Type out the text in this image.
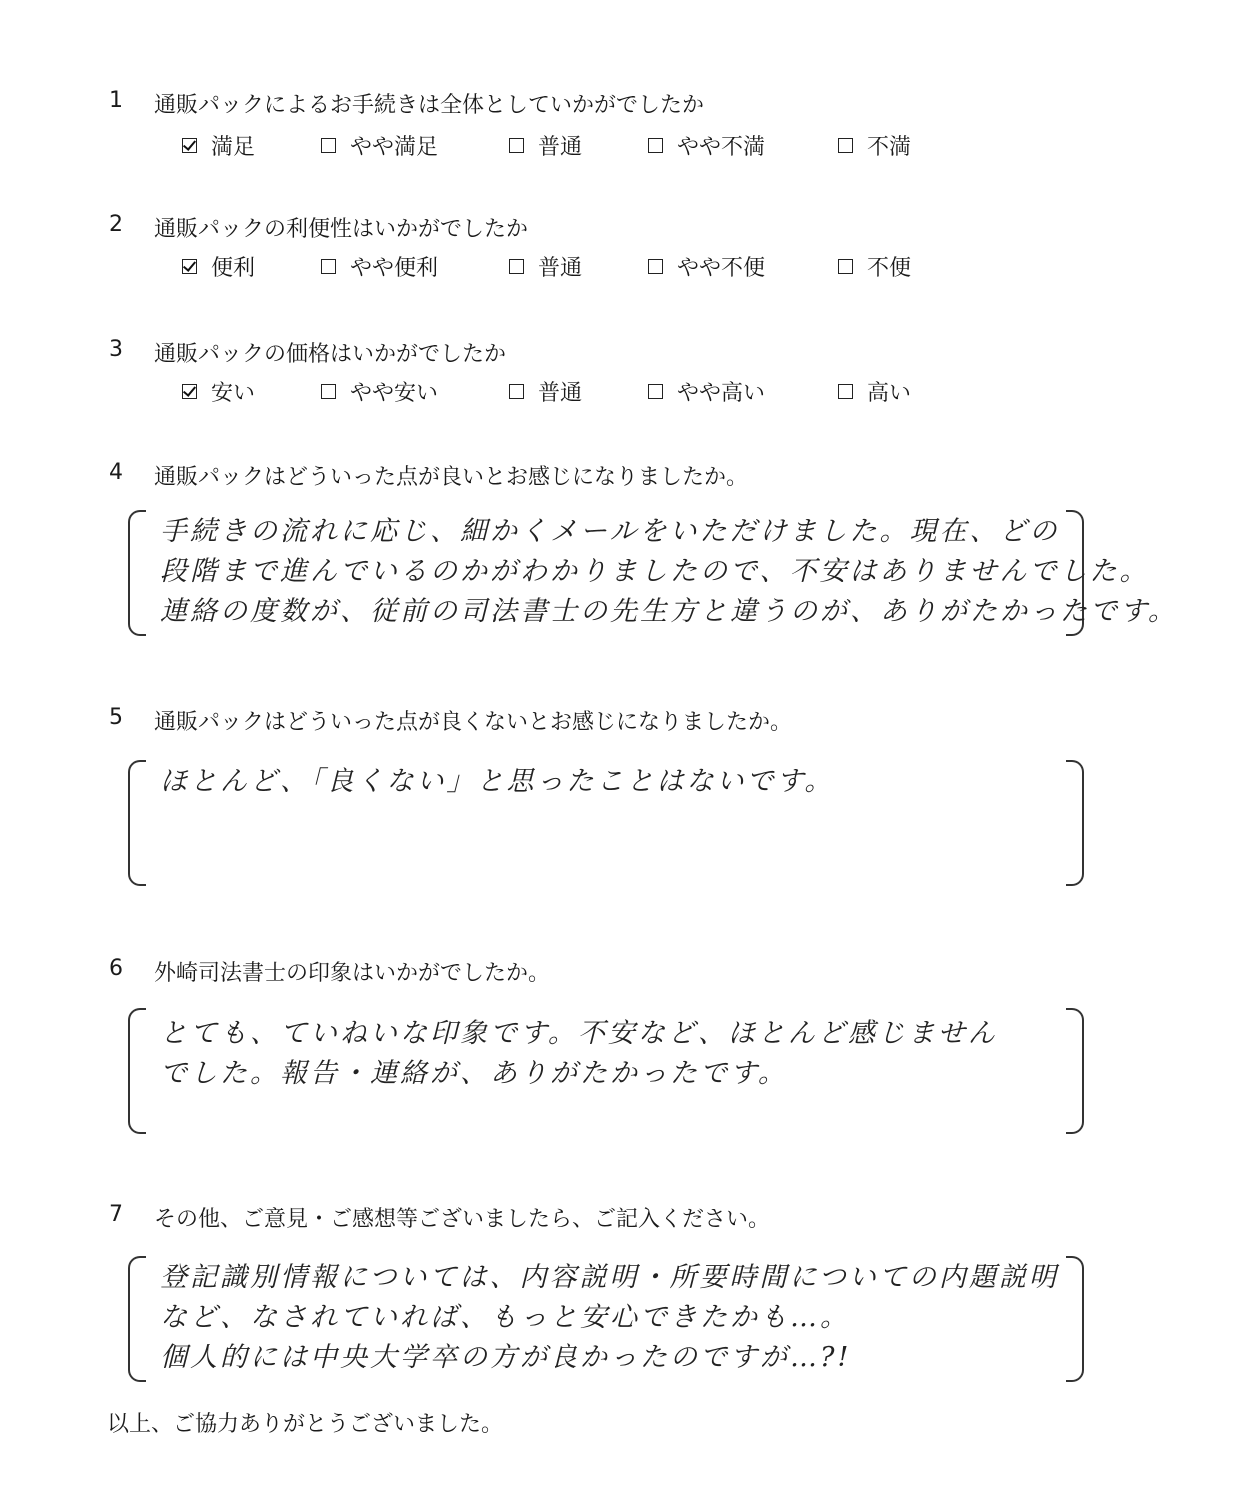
1 通販パックによるお手続きは全体としていかがでしたか
満足	やや満足	普通	やや不満	不満
2 通販パックの利便性はいかがでしたか
便利	やや便利	普通	やや不便	不便
3 通販パックの価格はいかがでしたか
安い	やや安い	普通	やや高い	高い
4 通販パックはどういった点が良いとお感じになりましたか。
手続きの流れに応じ、細かくメールをいただけました。現在、どの
段階まで進んでいるのかがわかりましたので、不安はありませんでした。
連絡の度数が、従前の司法書士の先生方と違うのが、ありがたかったです。
5 通販パックはどういった点が良くないとお感じになりましたか。
ほとんど、「良くない」と思ったことはないです。
6 外崎司法書士の印象はいかがでしたか。
とても、ていねいな印象です。不安など、ほとんど感じません
でした。報告・連絡が、ありがたかったです。
7 その他、ご意見・ご感想等ございましたら、ご記入ください。
登記識別情報については、内容説明・所要時間についての内題説明
など、なされていれば、もっと安心できたかも…。
個人的には中央大学卒の方が良かったのですが…?!
以上、ご協力ありがとうございました。
